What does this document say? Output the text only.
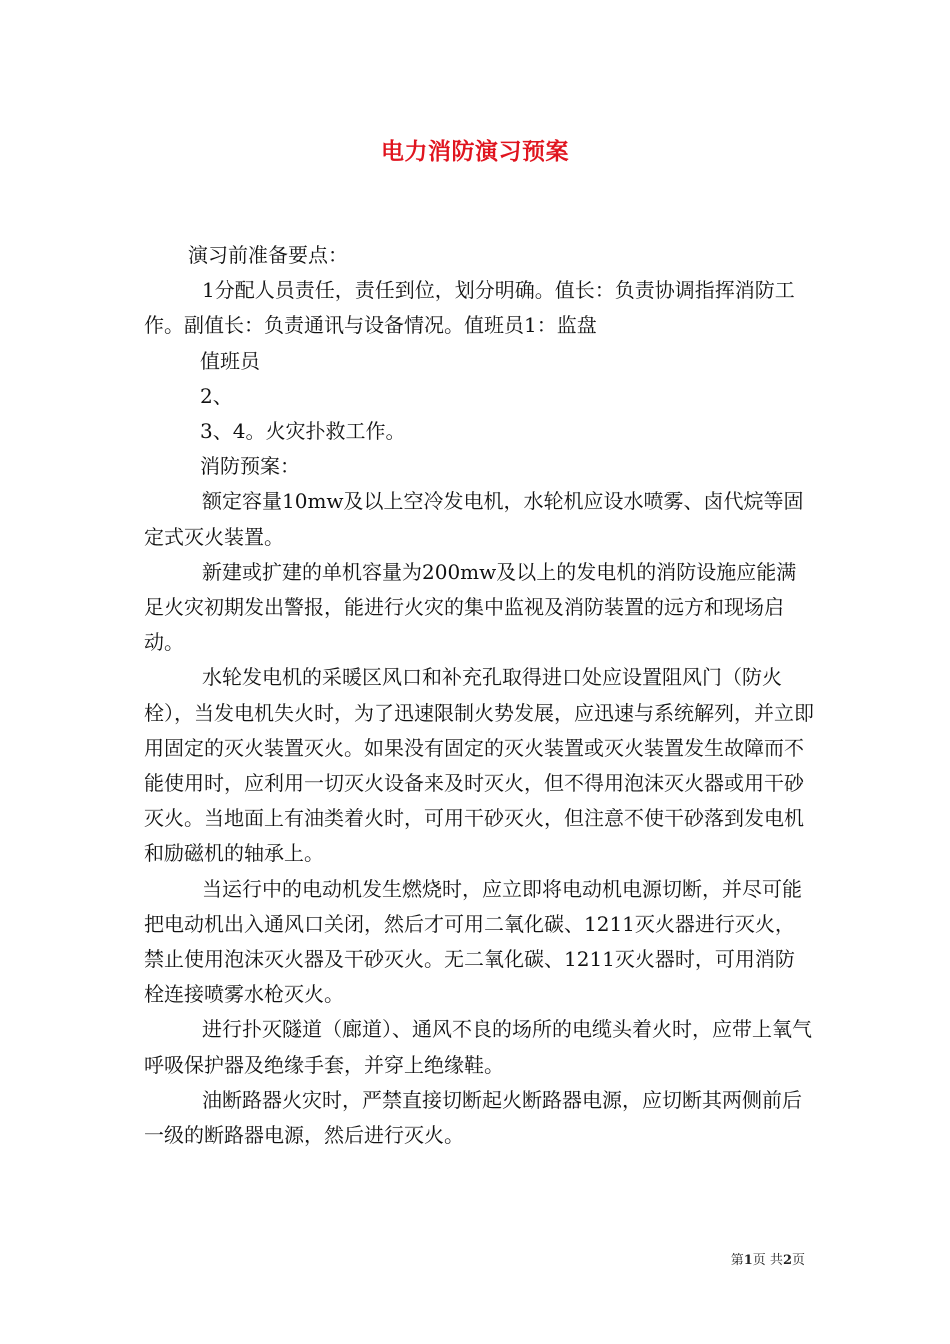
电力消防演习预案

演习前准备要点：

1分配人员责任，责任到位，划分明确。值长：负责协调指挥消防工作。副值长：负责通讯与设备情况。值班员1：监盘

值班员

2、

3、4。火灾扑救工作。

消防预案：

额定容量10mw及以上空冷发电机，水轮机应设水喷雾、卤代烷等固定式灭火装置。

新建或扩建的单机容量为200mw及以上的发电机的消防设施应能满足火灾初期发出警报，能进行火灾的集中监视及消防装置的远方和现场启动。

水轮发电机的采暖区风口和补充孔取得进口处应设置阻风门（防火栓），当发电机失火时，为了迅速限制火势发展，应迅速与系统解列，并立即用固定的灭火装置灭火。如果没有固定的灭火装置或灭火装置发生故障而不能使用时，应利用一切灭火设备来及时灭火，但不得用泡沫灭火器或用干砂灭火。当地面上有油类着火时，可用干砂灭火，但注意不使干砂落到发电机和励磁机的轴承上。

当运行中的电动机发生燃烧时，应立即将电动机电源切断，并尽可能把电动机出入通风口关闭，然后才可用二氧化碳、1211灭火器进行灭火，禁止使用泡沫灭火器及干砂灭火。无二氧化碳、1211灭火器时，可用消防栓连接喷雾水枪灭火。

进行扑灭隧道（廊道）、通风不良的场所的电缆头着火时，应带上氧气呼吸保护器及绝缘手套，并穿上绝缘鞋。

油断路器火灾时，严禁直接切断起火断路器电源，应切断其两侧前后一级的断路器电源，然后进行灭火。

第1页 共2页
